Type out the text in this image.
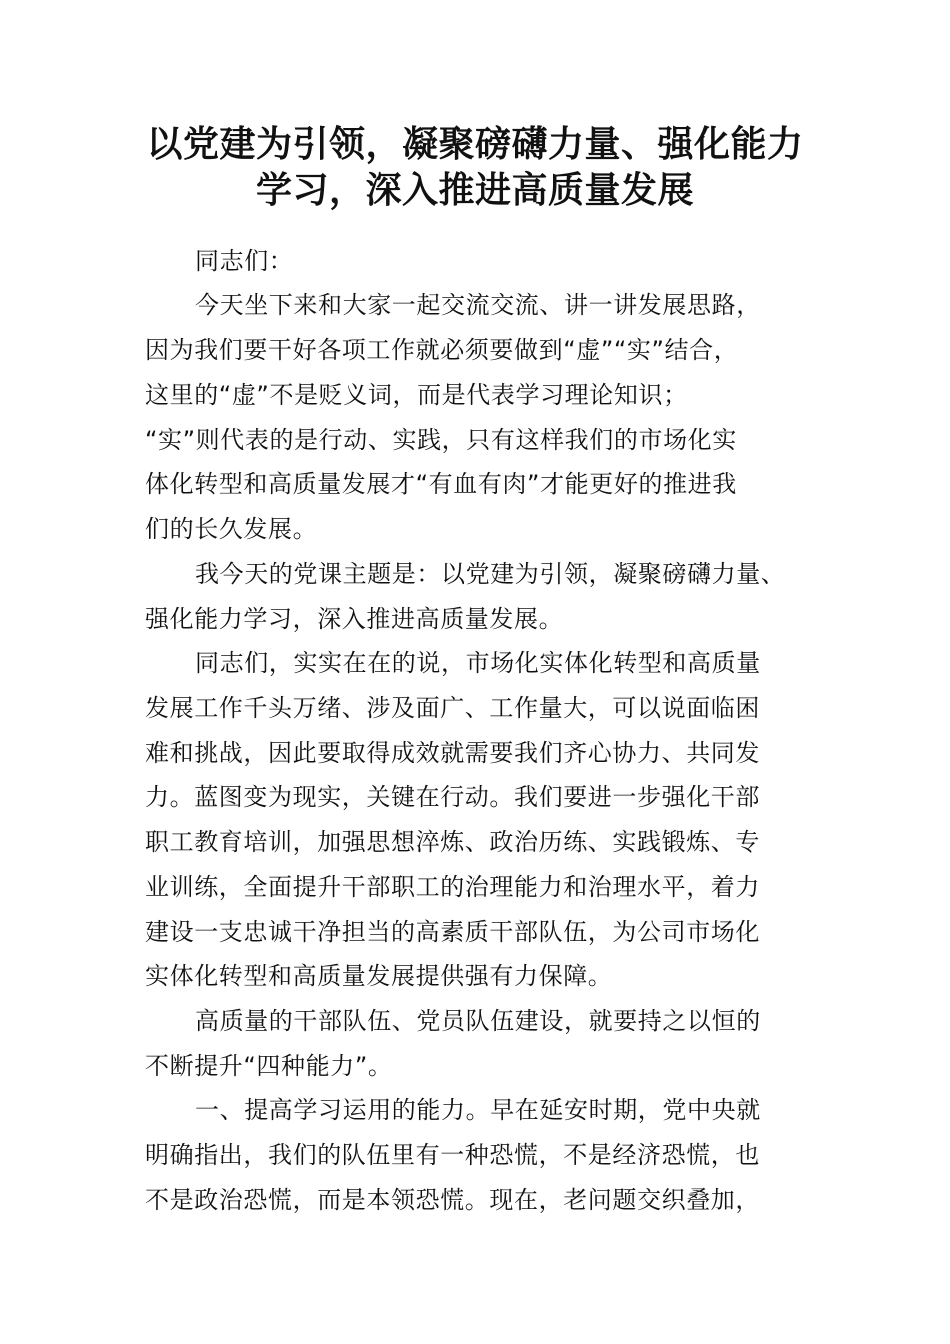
以党建为引领，凝聚磅礴力量、强化能力
学习，深入推进高质量发展
同志们：
今天坐下来和大家一起交流交流、讲一讲发展思路，
因为我们要干好各项工作就必须要做到“虚”“实”结合，
这里的“虚”不是贬义词，而是代表学习理论知识；
“实”则代表的是行动、实践，只有这样我们的市场化实
体化转型和高质量发展才“有血有肉”才能更好的推进我
们的长久发展。
我今天的党课主题是：以党建为引领，凝聚磅礴力量、
强化能力学习，深入推进高质量发展。
同志们，实实在在的说，市场化实体化转型和高质量
发展工作千头万绪、涉及面广、工作量大，可以说面临困
难和挑战，因此要取得成效就需要我们齐心协力、共同发
力。蓝图变为现实，关键在行动。我们要进一步强化干部
职工教育培训，加强思想淬炼、政治历练、实践锻炼、专
业训练，全面提升干部职工的治理能力和治理水平，着力
建设一支忠诚干净担当的高素质干部队伍，为公司市场化
实体化转型和高质量发展提供强有力保障。
高质量的干部队伍、党员队伍建设，就要持之以恒的
不断提升“四种能力”。
一、提高学习运用的能力。早在延安时期，党中央就
明确指出，我们的队伍里有一种恐慌，不是经济恐慌，也
不是政治恐慌，而是本领恐慌。现在，老问题交织叠加，
